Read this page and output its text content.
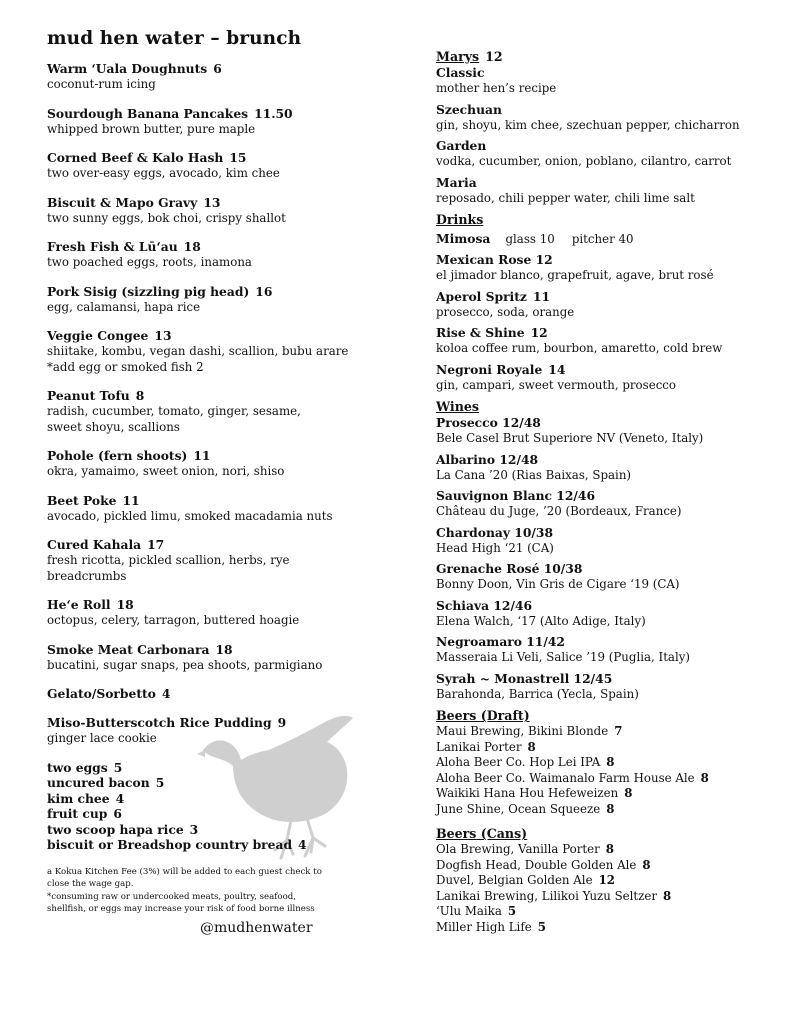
mud hen water – brunch
Warm ‘Uala Doughnuts 6
coconut-rum icing
Sourdough Banana Pancakes 11.50
whipped brown butter, pure maple
Corned Beef & Kalo Hash 15
two over-easy eggs, avocado, kim chee
Biscuit & Mapo Gravy 13
two sunny eggs, bok choi, crispy shallot
Fresh Fish & Lū‘au 18
two poached eggs, roots, inamona
Pork Sisig (sizzling pig head) 16
egg, calamansi, hapa rice
Veggie Congee 13
shiitake, kombu, vegan dashi, scallion, bubu arare
*add egg or smoked fish 2
Peanut Tofu 8
radish, cucumber, tomato, ginger, sesame,
sweet shoyu, scallions
Pohole (fern shoots) 11
okra, yamaimo, sweet onion, nori, shiso
Beet Poke 11
avocado, pickled limu, smoked macadamia nuts
Cured Kahala 17
fresh ricotta, pickled scallion, herbs, rye
breadcrumbs
He‘e Roll 18
octopus, celery, tarragon, buttered hoagie
Smoke Meat Carbonara 18
bucatini, sugar snaps, pea shoots, parmigiano
Gelato/Sorbetto 4
Miso-Butterscotch Rice Pudding 9
ginger lace cookie
two eggs 5
uncured bacon 5
kim chee 4
fruit cup 6
two scoop hapa rice 3
biscuit or Breadshop country bread 4
a Kokua Kitchen Fee (3%) will be added to each guest check to
close the wage gap.
*consuming raw or undercooked meats, poultry, seafood,
shellfish, or eggs may increase your risk of food borne illness
@mudhenwater
Marys 12
Classic
mother hen’s recipe
Szechuan
gin, shoyu, kim chee, szechuan pepper, chicharron
Garden
vodka, cucumber, onion, poblano, cilantro, carrot
Maria
reposado, chili pepper water, chili lime salt
Drinks
Mimosa glass 10 pitcher 40
Mexican Rose 12
el jimador blanco, grapefruit, agave, brut rosé
Aperol Spritz 11
prosecco, soda, orange
Rise & Shine 12
koloa coffee rum, bourbon, amaretto, cold brew
Negroni Royale 14
gin, campari, sweet vermouth, prosecco
Wines
Prosecco 12/48
Bele Casel Brut Superiore NV (Veneto, Italy)
Albarino 12/48
La Cana ’20 (Rias Baixas, Spain)
Sauvignon Blanc 12/46
Château du Juge, ’20 (Bordeaux, France)
Chardonay 10/38
Head High ‘21 (CA)
Grenache Rosé 10/38
Bonny Doon, Vin Gris de Cigare ‘19 (CA)
Schiava 12/46
Elena Walch, ‘17 (Alto Adige, Italy)
Negroamaro 11/42
Masseraia Li Veli, Salice ’19 (Puglia, Italy)
Syrah ~ Monastrell 12/45
Barahonda, Barrica (Yecla, Spain)
Beers (Draft)
Maui Brewing, Bikini Blonde 7
Lanikai Porter 8
Aloha Beer Co. Hop Lei IPA 8
Aloha Beer Co. Waimanalo Farm House Ale 8
Waikiki Hana Hou Hefeweizen 8
June Shine, Ocean Squeeze 8
Beers (Cans)
Ola Brewing, Vanilla Porter 8
Dogfish Head, Double Golden Ale 8
Duvel, Belgian Golden Ale 12
Lanikai Brewing, Lilikoi Yuzu Seltzer 8
‘Ulu Maika 5
Miller High Life 5
